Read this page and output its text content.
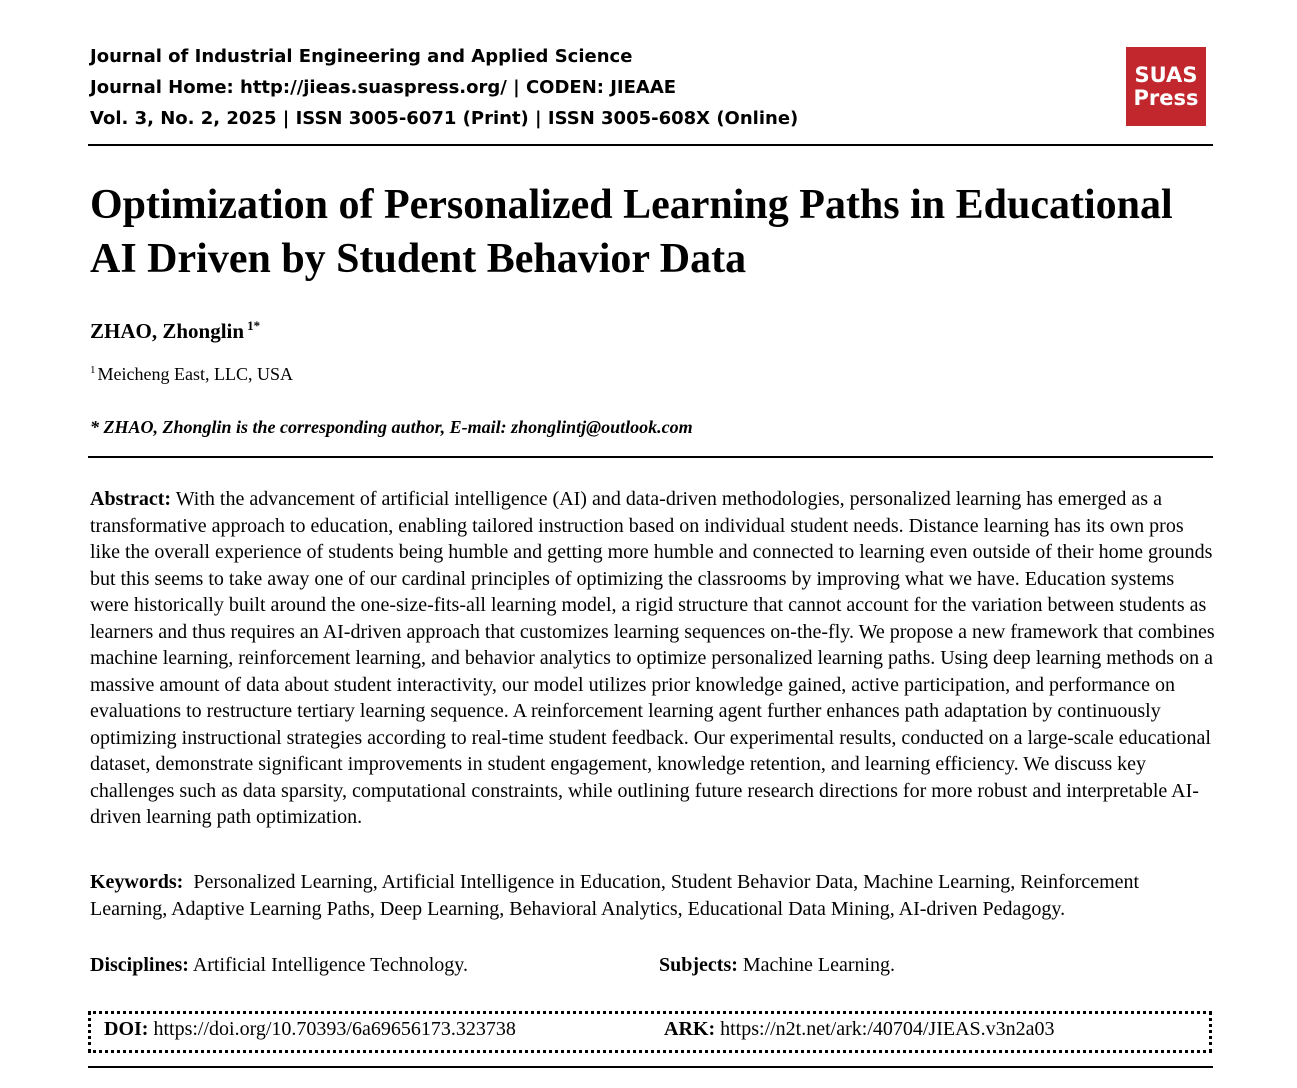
Journal of Industrial Engineering and Applied Science
Journal Home: http://jieas.suaspress.org/ | CODEN: JIEAAE
Vol. 3, No. 2, 2025 | ISSN 3005-6071 (Print) | ISSN 3005-608X (Online)
SUAS
Press
Optimization of Personalized Learning Paths in Educational AI Driven by Student Behavior Data
ZHAO, Zhonglin $^{1*}$
$^1$ Meicheng East, LLC, USA
* ZHAO, Zhonglin is the corresponding author, E-mail: zhonglintj@outlook.com

Abstract: With the advancement of artificial intelligence (AI) and data-driven methodologies, personalized learning has emerged as a transformative approach to education, enabling tailored instruction based on individual student needs. Distance learning has its own pros like the overall experience of students being humble and getting more humble and connected to learning even outside of their home grounds but this seems to take away one of our cardinal principles of optimizing the classrooms by improving what we have. Education systems were historically built around the one-size-fits-all learning model, a rigid structure that cannot account for the variation between students as learners and thus requires an AI-driven approach that customizes learning sequences on-the-fly. We propose a new framework that combines machine learning, reinforcement learning, and behavior analytics to optimize personalized learning paths. Using deep learning methods on a massive amount of data about student interactivity, our model utilizes prior knowledge gained, active participation, and performance on evaluations to restructure tertiary learning sequence. A reinforcement learning agent further enhances path adaptation by continuously optimizing instructional strategies according to real-time student feedback. Our experimental results, conducted on a large-scale educational dataset, demonstrate significant improvements in student engagement, knowledge retention, and learning efficiency. We discuss key challenges such as data sparsity, computational constraints, while outlining future research directions for more robust and interpretable AI-driven learning path optimization.

Keywords: Personalized Learning, Artificial Intelligence in Education, Student Behavior Data, Machine Learning, Reinforcement Learning, Adaptive Learning Paths, Deep Learning, Behavioral Analytics, Educational Data Mining, AI-driven Pedagogy.

Disciplines: Artificial Intelligence Technology.	Subjects: Machine Learning.
DOI: https://doi.org/10.70393/6a69656173.323738	ARK: https://n2t.net/ark:/40704/JIEAS.v3n2a03
